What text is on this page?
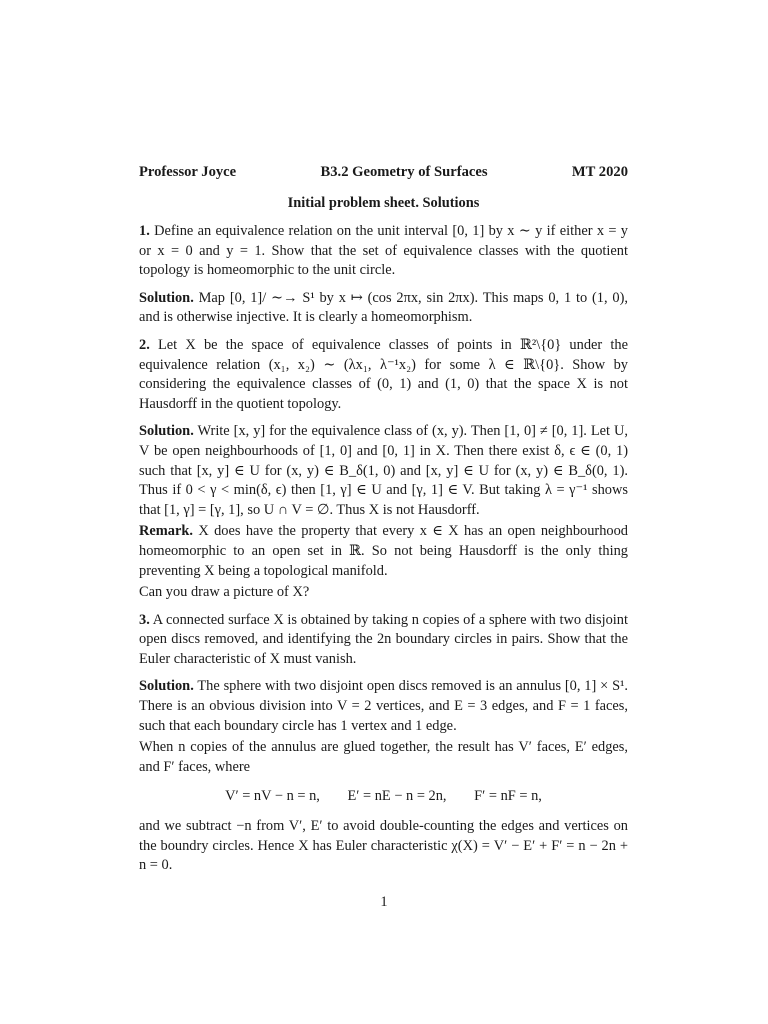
Professor Joyce	B3.2 Geometry of Surfaces	MT 2020
Initial problem sheet. Solutions

1. Define an equivalence relation on the unit interval [0, 1] by x ∼ y if either x = y or x = 0 and y = 1. Show that the set of equivalence classes with the quotient topology is homeomorphic to the unit circle.

Solution. Map [0, 1]/ ∼→ S¹ by x ↦ (cos 2πx, sin 2πx). This maps 0, 1 to (1, 0), and is otherwise injective. It is clearly a homeomorphism.

2. Let X be the space of equivalence classes of points in ℝ²\{0} under the equivalence relation (x₁, x₂) ∼ (λx₁, λ⁻¹x₂) for some λ ∈ ℝ\{0}. Show by considering the equivalence classes of (0, 1) and (1, 0) that the space X is not Hausdorff in the quotient topology.

Solution. Write [x, y] for the equivalence class of (x, y). Then [1, 0] ≠ [0, 1]. Let U, V be open neighbourhoods of [1, 0] and [0, 1] in X. Then there exist δ, ϵ ∈ (0, 1) such that [x, y] ∈ U for (x, y) ∈ B_δ(1, 0) and [x, y] ∈ U for (x, y) ∈ B_δ(0, 1). Thus if 0 < γ < min(δ, ϵ) then [1, γ] ∈ U and [γ, 1] ∈ V. But taking λ = γ⁻¹ shows that [1, γ] = [γ, 1], so U ∩ V = ∅. Thus X is not Hausdorff.

Remark. X does have the property that every x ∈ X has an open neighbourhood homeomorphic to an open set in ℝ. So not being Hausdorff is the only thing preventing X being a topological manifold.

Can you draw a picture of X?

3. A connected surface X is obtained by taking n copies of a sphere with two disjoint open discs removed, and identifying the 2n boundary circles in pairs. Show that the Euler characteristic of X must vanish.

Solution. The sphere with two disjoint open discs removed is an annulus [0, 1] × S¹. There is an obvious division into V = 2 vertices, and E = 3 edges, and F = 1 faces, such that each boundary circle has 1 vertex and 1 edge.

When n copies of the annulus are glued together, the result has V′ faces, E′ edges, and F′ faces, where

V′ = nV − n = n, E′ = nE − n = 2n, F′ = nF = n,

and we subtract −n from V′, E′ to avoid double-counting the edges and vertices on the boundry circles. Hence X has Euler characteristic χ(X) = V′ − E′ + F′ = n − 2n + n = 0.

1
